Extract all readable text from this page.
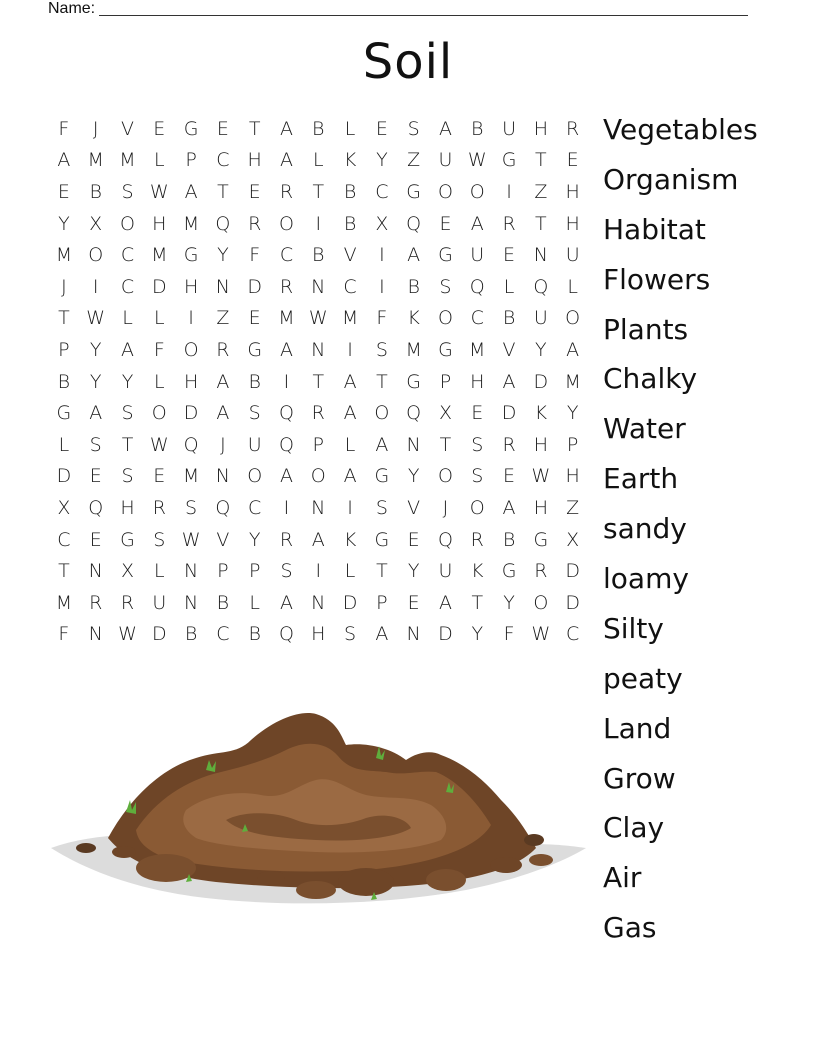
Name:
Soil
F	J	V	E G E	T	A	B	L	E	S	A	B U H R
A M M L	P	C H A	L	K	Y	Z U W G T	E
E	B	S W A	T	E	R	T	B C G O O	I	Z H
Y	X O H M Q R O	I	B	X Q E	A R	T H
M O C M G Y	F	C B	V	I	A G U E N U
J	I	C D H N D R N C	I	B	S Q	L	Q	L
T W L	L	I	Z	E M W M F	K O C B U O
P	Y	A	F O R G A N	I	S M G M V	Y	A
B	Y	Y	L	H A	B	I	T	A	T G P H A D M
G A	S O D A	S Q R A O Q X	E D K	Y
L	S	T W Q	J	U Q P	L	A N T	S	R H P
D E	S	E M N O A O A G Y O S	E W H
X Q H R	S Q C	I	N	I	S	V	J	O A H Z
C	E G S W V	Y	R A	K G E Q R B G X
T N X	L	N P	P	S	I	L	T	Y	U K G R D
M R R U N B	L	A N D P	E	A	T	Y O D
F	N W D B C B Q H S	A N D Y	F W C
Vegetables
Organism
Habitat
Flowers
Plants
Chalky
Water
Earth
sandy
loamy
Silty
peaty
Land
Grow
Clay
Air
Gas
